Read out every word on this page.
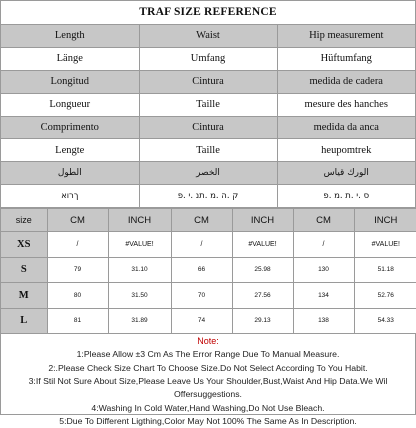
TRAF SIZE REFERENCE
Length	Waist	Hip measurement
Länge	Umfang	Hüftumfang
Longitud	Cintura	medida de cadera
Longueur	Taille	mesure des hanches
Comprimento	Cintura	medida da anca
Lengte	Taille	heupomtrek
الطول	الخصر	الورك قياس
ךרוא	ק .ה .מ .תנ .י .פ	ס .י .ת .מ .פ
size	CM	INCH	CM	INCH	CM	INCH
XS	/	#VALUE!	/	#VALUE!	/	#VALUE!
S	79	31.10	66	25.98	130	51.18
M	80	31.50	70	27.56	134	52.76
L	81	31.89	74	29.13	138	54.33
Note:
1:Please Allow ±3 Cm As The Error Range Due To Manual Measure.
2:.Please Check Size Chart To Choose Size.Do Not Select According To You Habit.
3:If Stil Not Sure About Size,Please Leave Us Your Shoulder,Bust,Waist And Hip Data.We Wil
Offersuggestions.
4:Washing In Cold Water,Hand Washing,Do Not Use Bleach.
5:Due To Different Ligthing,Color May Not 100% The Same As In Description.
